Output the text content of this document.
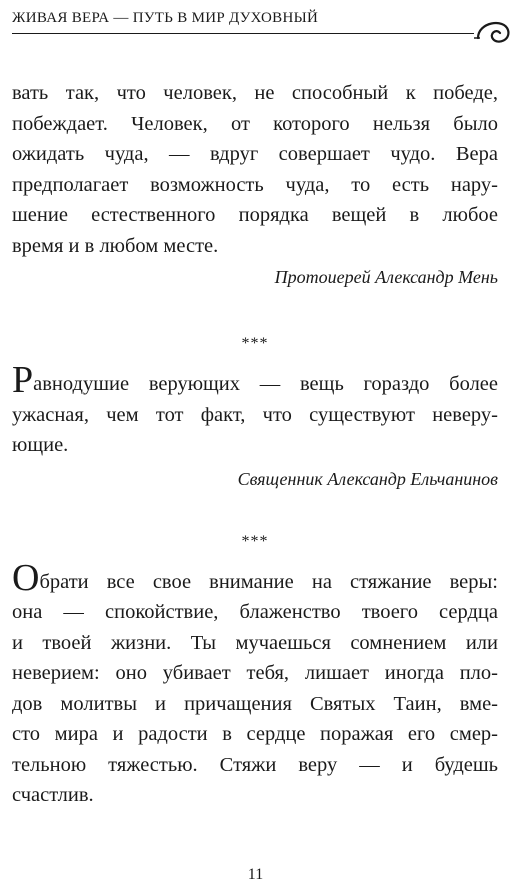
ЖИВАЯ ВЕРА — ПУТЬ В МИР ДУХОВНЫЙ
вать так, что человек, не способный к победе,
побеждает. Человек, от которого нельзя было
ожидать чуда, — вдруг совершает чудо. Вера
предполагает возможность чуда, то есть нару-
шение естественного порядка вещей в любое
время и в любом месте.
Протоиерей Александр Мень
***
Равнодушие верующих — вещь гораздо более
ужасная, чем тот факт, что существуют неверу-
ющие.
Священник Александр Ельчанинов
***
Обрати все свое внимание на стяжание веры:
она — спокойствие, блаженство твоего сердца
и твоей жизни. Ты мучаешься сомнением или
неверием: оно убивает тебя, лишает иногда пло-
дов молитвы и причащения Святых Таин, вме-
сто мира и радости в сердце поражая его смер-
тельною тяжестью. Стяжи веру — и будешь
счастлив.
11
